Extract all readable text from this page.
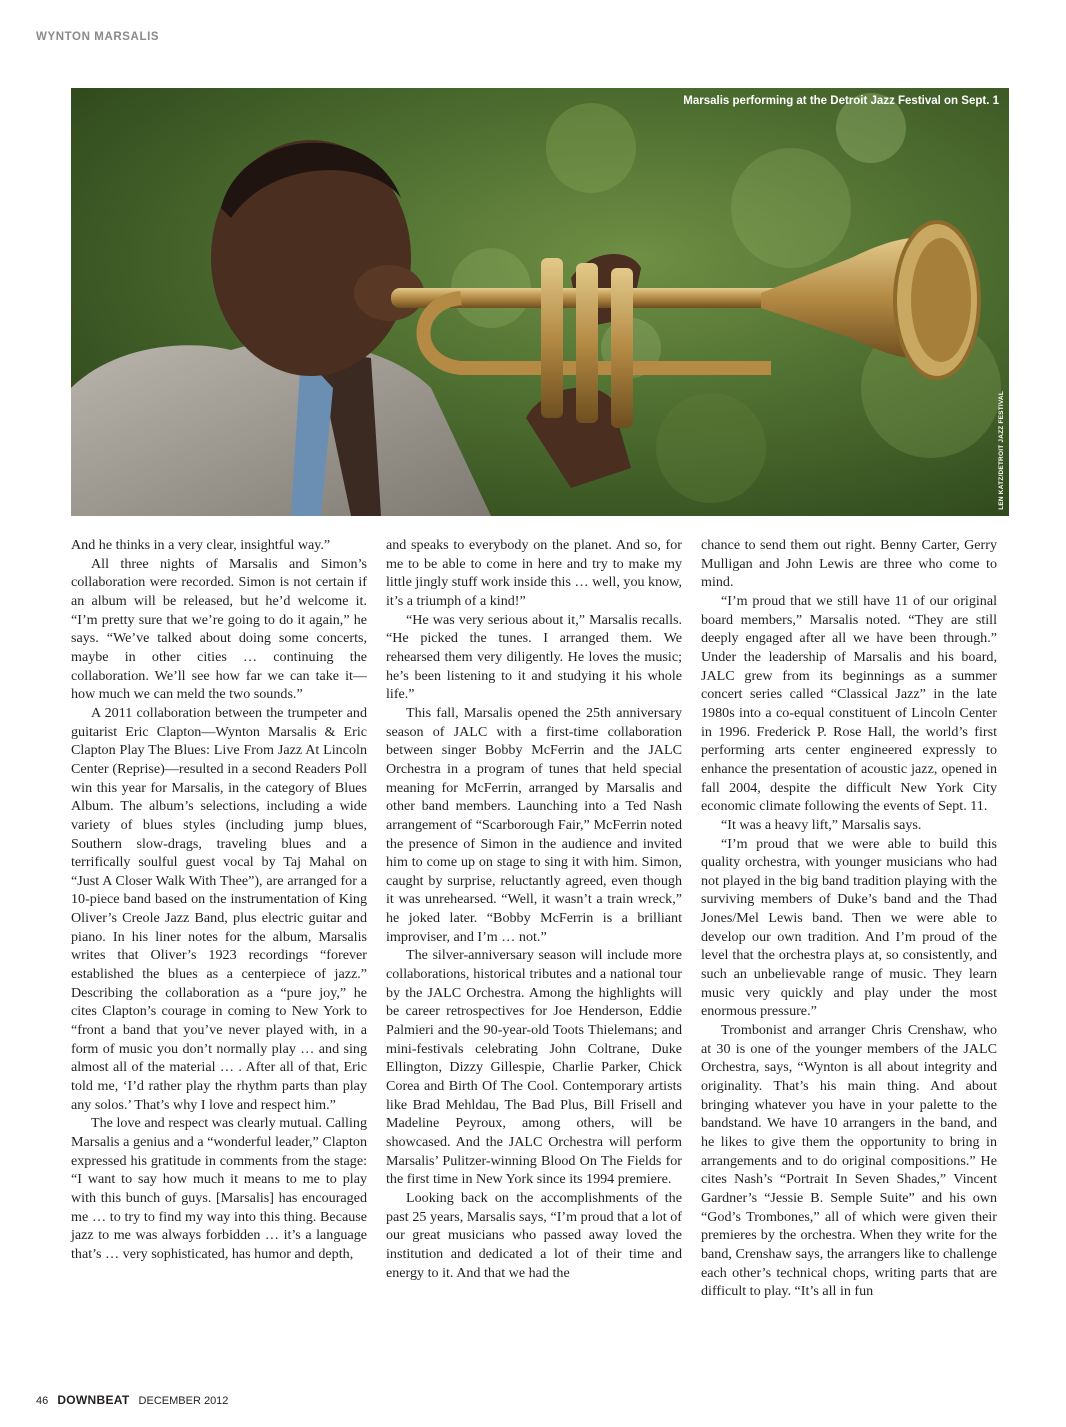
WYNTON MARSALIS
Marsalis performing at the Detroit Jazz Festival on Sept. 1
LEN KATZ/DETROIT JAZZ FESTIVAL

And he thinks in a very clear, insightful way.”

All three nights of Marsalis and Simon’s collaboration were recorded. Simon is not certain if an album will be released, but he’d welcome it. “I’m pretty sure that we’re going to do it again,” he says. “We’ve talked about doing some concerts, maybe in other cities … continuing the collaboration. We’ll see how far we can take it—how much we can meld the two sounds.”

A 2011 collaboration between the trumpeter and guitarist Eric Clapton—Wynton Marsalis & Eric Clapton Play The Blues: Live From Jazz At Lincoln Center (Reprise)—resulted in a second Readers Poll win this year for Marsalis, in the category of Blues Album. The album’s selections, including a wide variety of blues styles (including jump blues, Southern slow-drags, traveling blues and a terrifically soulful guest vocal by Taj Mahal on “Just A Closer Walk With Thee”), are arranged for a 10-piece band based on the instrumentation of King Oliver’s Creole Jazz Band, plus electric guitar and piano. In his liner notes for the album, Marsalis writes that Oliver’s 1923 recordings “forever established the blues as a centerpiece of jazz.” Describing the collaboration as a “pure joy,” he cites Clapton’s courage in coming to New York to “front a band that you’ve never played with, in a form of music you don’t normally play … and sing almost all of the material … . After all of that, Eric told me, ‘I’d rather play the rhythm parts than play any solos.’ That’s why I love and respect him.”

The love and respect was clearly mutual. Calling Marsalis a genius and a “wonderful leader,” Clapton expressed his gratitude in comments from the stage: “I want to say how much it means to me to play with this bunch of guys. [Marsalis] has encouraged me … to try to find my way into this thing. Because jazz to me was always forbidden … it’s a language that’s … very sophisticated, has humor and depth,

and speaks to everybody on the planet. And so, for me to be able to come in here and try to make my little jingly stuff work inside this … well, you know, it’s a triumph of a kind!”

“He was very serious about it,” Marsalis recalls. “He picked the tunes. I arranged them. We rehearsed them very diligently. He loves the music; he’s been listening to it and studying it his whole life.”

This fall, Marsalis opened the 25th anniversary season of JALC with a first-time collaboration between singer Bobby McFerrin and the JALC Orchestra in a program of tunes that held special meaning for McFerrin, arranged by Marsalis and other band members. Launching into a Ted Nash arrangement of “Scarborough Fair,” McFerrin noted the presence of Simon in the audience and invited him to come up on stage to sing it with him. Simon, caught by surprise, reluctantly agreed, even though it was unrehearsed. “Well, it wasn’t a train wreck,” he joked later. “Bobby McFerrin is a brilliant improviser, and I’m … not.”

The silver-anniversary season will include more collaborations, historical tributes and a national tour by the JALC Orchestra. Among the highlights will be career retrospectives for Joe Henderson, Eddie Palmieri and the 90-year-old Toots Thielemans; and mini-festivals celebrating John Coltrane, Duke Ellington, Dizzy Gillespie, Charlie Parker, Chick Corea and Birth Of The Cool. Contemporary artists like Brad Mehldau, The Bad Plus, Bill Frisell and Madeline Peyroux, among others, will be showcased. And the JALC Orchestra will perform Marsalis’ Pulitzer-winning Blood On The Fields for the first time in New York since its 1994 premiere.

Looking back on the accomplishments of the past 25 years, Marsalis says, “I’m proud that a lot of our great musicians who passed away loved the institution and dedicated a lot of their time and energy to it. And that we had the

chance to send them out right. Benny Carter, Gerry Mulligan and John Lewis are three who come to mind.

“I’m proud that we still have 11 of our original board members,” Marsalis noted. “They are still deeply engaged after all we have been through.” Under the leadership of Marsalis and his board, JALC grew from its beginnings as a summer concert series called “Classical Jazz” in the late 1980s into a co-equal constituent of Lincoln Center in 1996. Frederick P. Rose Hall, the world’s first performing arts center engineered expressly to enhance the presentation of acoustic jazz, opened in fall 2004, despite the difficult New York City economic climate following the events of Sept. 11.

“It was a heavy lift,” Marsalis says.

“I’m proud that we were able to build this quality orchestra, with younger musicians who had not played in the big band tradition playing with the surviving members of Duke’s band and the Thad Jones/Mel Lewis band. Then we were able to develop our own tradition. And I’m proud of the level that the orchestra plays at, so consistently, and such an unbelievable range of music. They learn music very quickly and play under the most enormous pressure.”

Trombonist and arranger Chris Crenshaw, who at 30 is one of the younger members of the JALC Orchestra, says, “Wynton is all about integrity and originality. That’s his main thing. And about bringing whatever you have in your palette to the bandstand. We have 10 arrangers in the band, and he likes to give them the opportunity to bring in arrangements and to do original compositions.” He cites Nash’s “Portrait In Seven Shades,” Vincent Gardner’s “Jessie B. Semple Suite” and his own “God’s Trombones,” all of which were given their premieres by the orchestra. When they write for the band, Crenshaw says, the arrangers like to challenge each other’s technical chops, writing parts that are difficult to play. “It’s all in fun

46 DOWNBEAT DECEMBER 2012
